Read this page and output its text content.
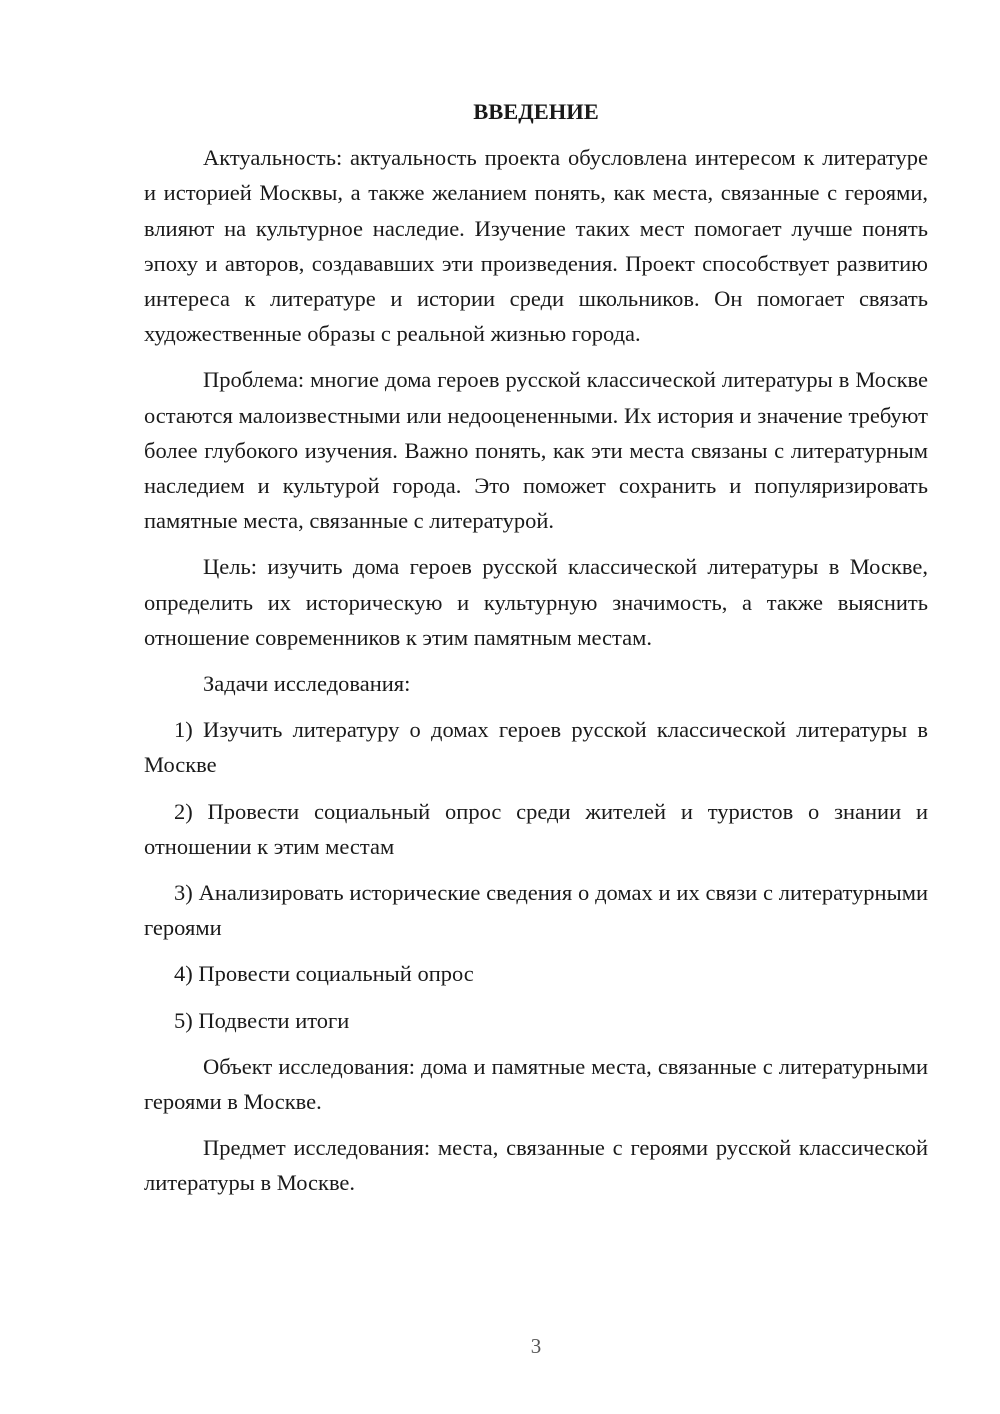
ВВЕДЕНИЕ

Актуальность: актуальность проекта обусловлена интересом к литературе и историей Москвы, а также желанием понять, как места, связанные с героями, влияют на культурное наследие. Изучение таких мест помогает лучше понять эпоху и авторов, создававших эти произведения. Проект способствует развитию интереса к литературе и истории среди школьников. Он помогает связать художественные образы с реальной жизнью города.

Проблема: многие дома героев русской классической литературы в Москве остаются малоизвестными или недооцененными. Их история и значение требуют более глубокого изучения. Важно понять, как эти места связаны с литературным наследием и культурой города. Это поможет сохранить и популяризировать памятные места, связанные с литературой.

Цель: изучить дома героев русской классической литературы в Москве, определить их историческую и культурную значимость, а также выяснить отношение современников к этим памятным местам.

Задачи исследования:

1) Изучить литературу о домах героев русской классической литературы в Москве

2) Провести социальный опрос среди жителей и туристов о знании и отношении к этим местам

3) Анализировать исторические сведения о домах и их связи с литературными героями

4) Провести социальный опрос

5) Подвести итоги

Объект исследования: дома и памятные места, связанные с литературными героями в Москве.

Предмет исследования: места, связанные с героями русской классической литературы в Москве.

3
